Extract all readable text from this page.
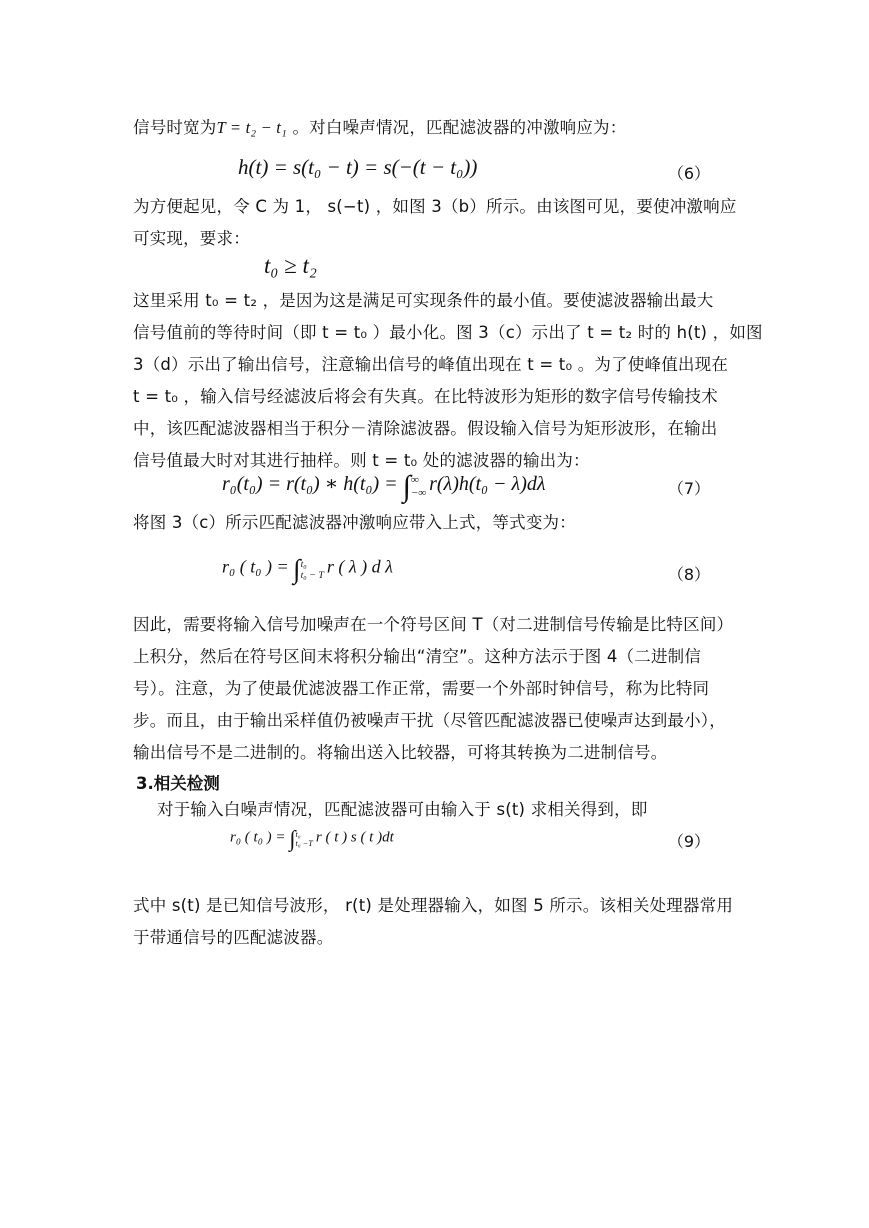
信号时宽为T = t₂ − t₁ 。对白噪声情况，匹配滤波器的冲激响应为：
h(t) = s(t₀ − t) = s(−(t − t₀))	（6）
为方便起见，令 C 为 1， s(−t) ，如图 3（b）所示。由该图可见，要使冲激响应
可实现，要求：
t₀ ≥ t₂
这里采用 t₀ = t₂ ，是因为这是满足可实现条件的最小值。要使滤波器输出最大
信号值前的等待时间（即 t = t₀ ）最小化。图 3（c）示出了 t = t₂ 时的 h(t) ，如图
3（d）示出了输出信号，注意输出信号的峰值出现在 t = t₀ 。为了使峰值出现在
t = t₀ ，输入信号经滤波后将会有失真。在比特波形为矩形的数字信号传输技术
中，该匹配滤波器相当于积分－清除滤波器。假设输入信号为矩形波形，在输出
信号值最大时对其进行抽样。则 t = t₀ 处的滤波器的输出为：
r₀(t₀) = r(t₀) ∗ h(t₀) = ∫ ∞
−∞ r(λ)h(t₀ − λ)dλ	（7）
将图 3（c）所示匹配滤波器冲激响应带入上式，等式变为：
r₀ ( t₀ ) = ∫ t₀
t₀ − T r ( λ ) d λ	（8）
因此，需要将输入信号加噪声在一个符号区间 T（对二进制信号传输是比特区间）
上积分，然后在符号区间末将积分输出“清空”。这种方法示于图 4（二进制信
号）。注意，为了使最优滤波器工作正常，需要一个外部时钟信号，称为比特同
步。而且，由于输出采样值仍被噪声干扰（尽管匹配滤波器已使噪声达到最小），
输出信号不是二进制的。将输出送入比较器，可将其转换为二进制信号。
3.相关检测
对于输入白噪声情况，匹配滤波器可由输入于 s(t) 求相关得到，即
r₀ ( t₀ ) = ∫ t₀
t₀ −T r ( t ) s ( t )dt	（9）
式中 s(t) 是已知信号波形， r(t) 是处理器输入，如图 5 所示。该相关处理器常用
于带通信号的匹配滤波器。
